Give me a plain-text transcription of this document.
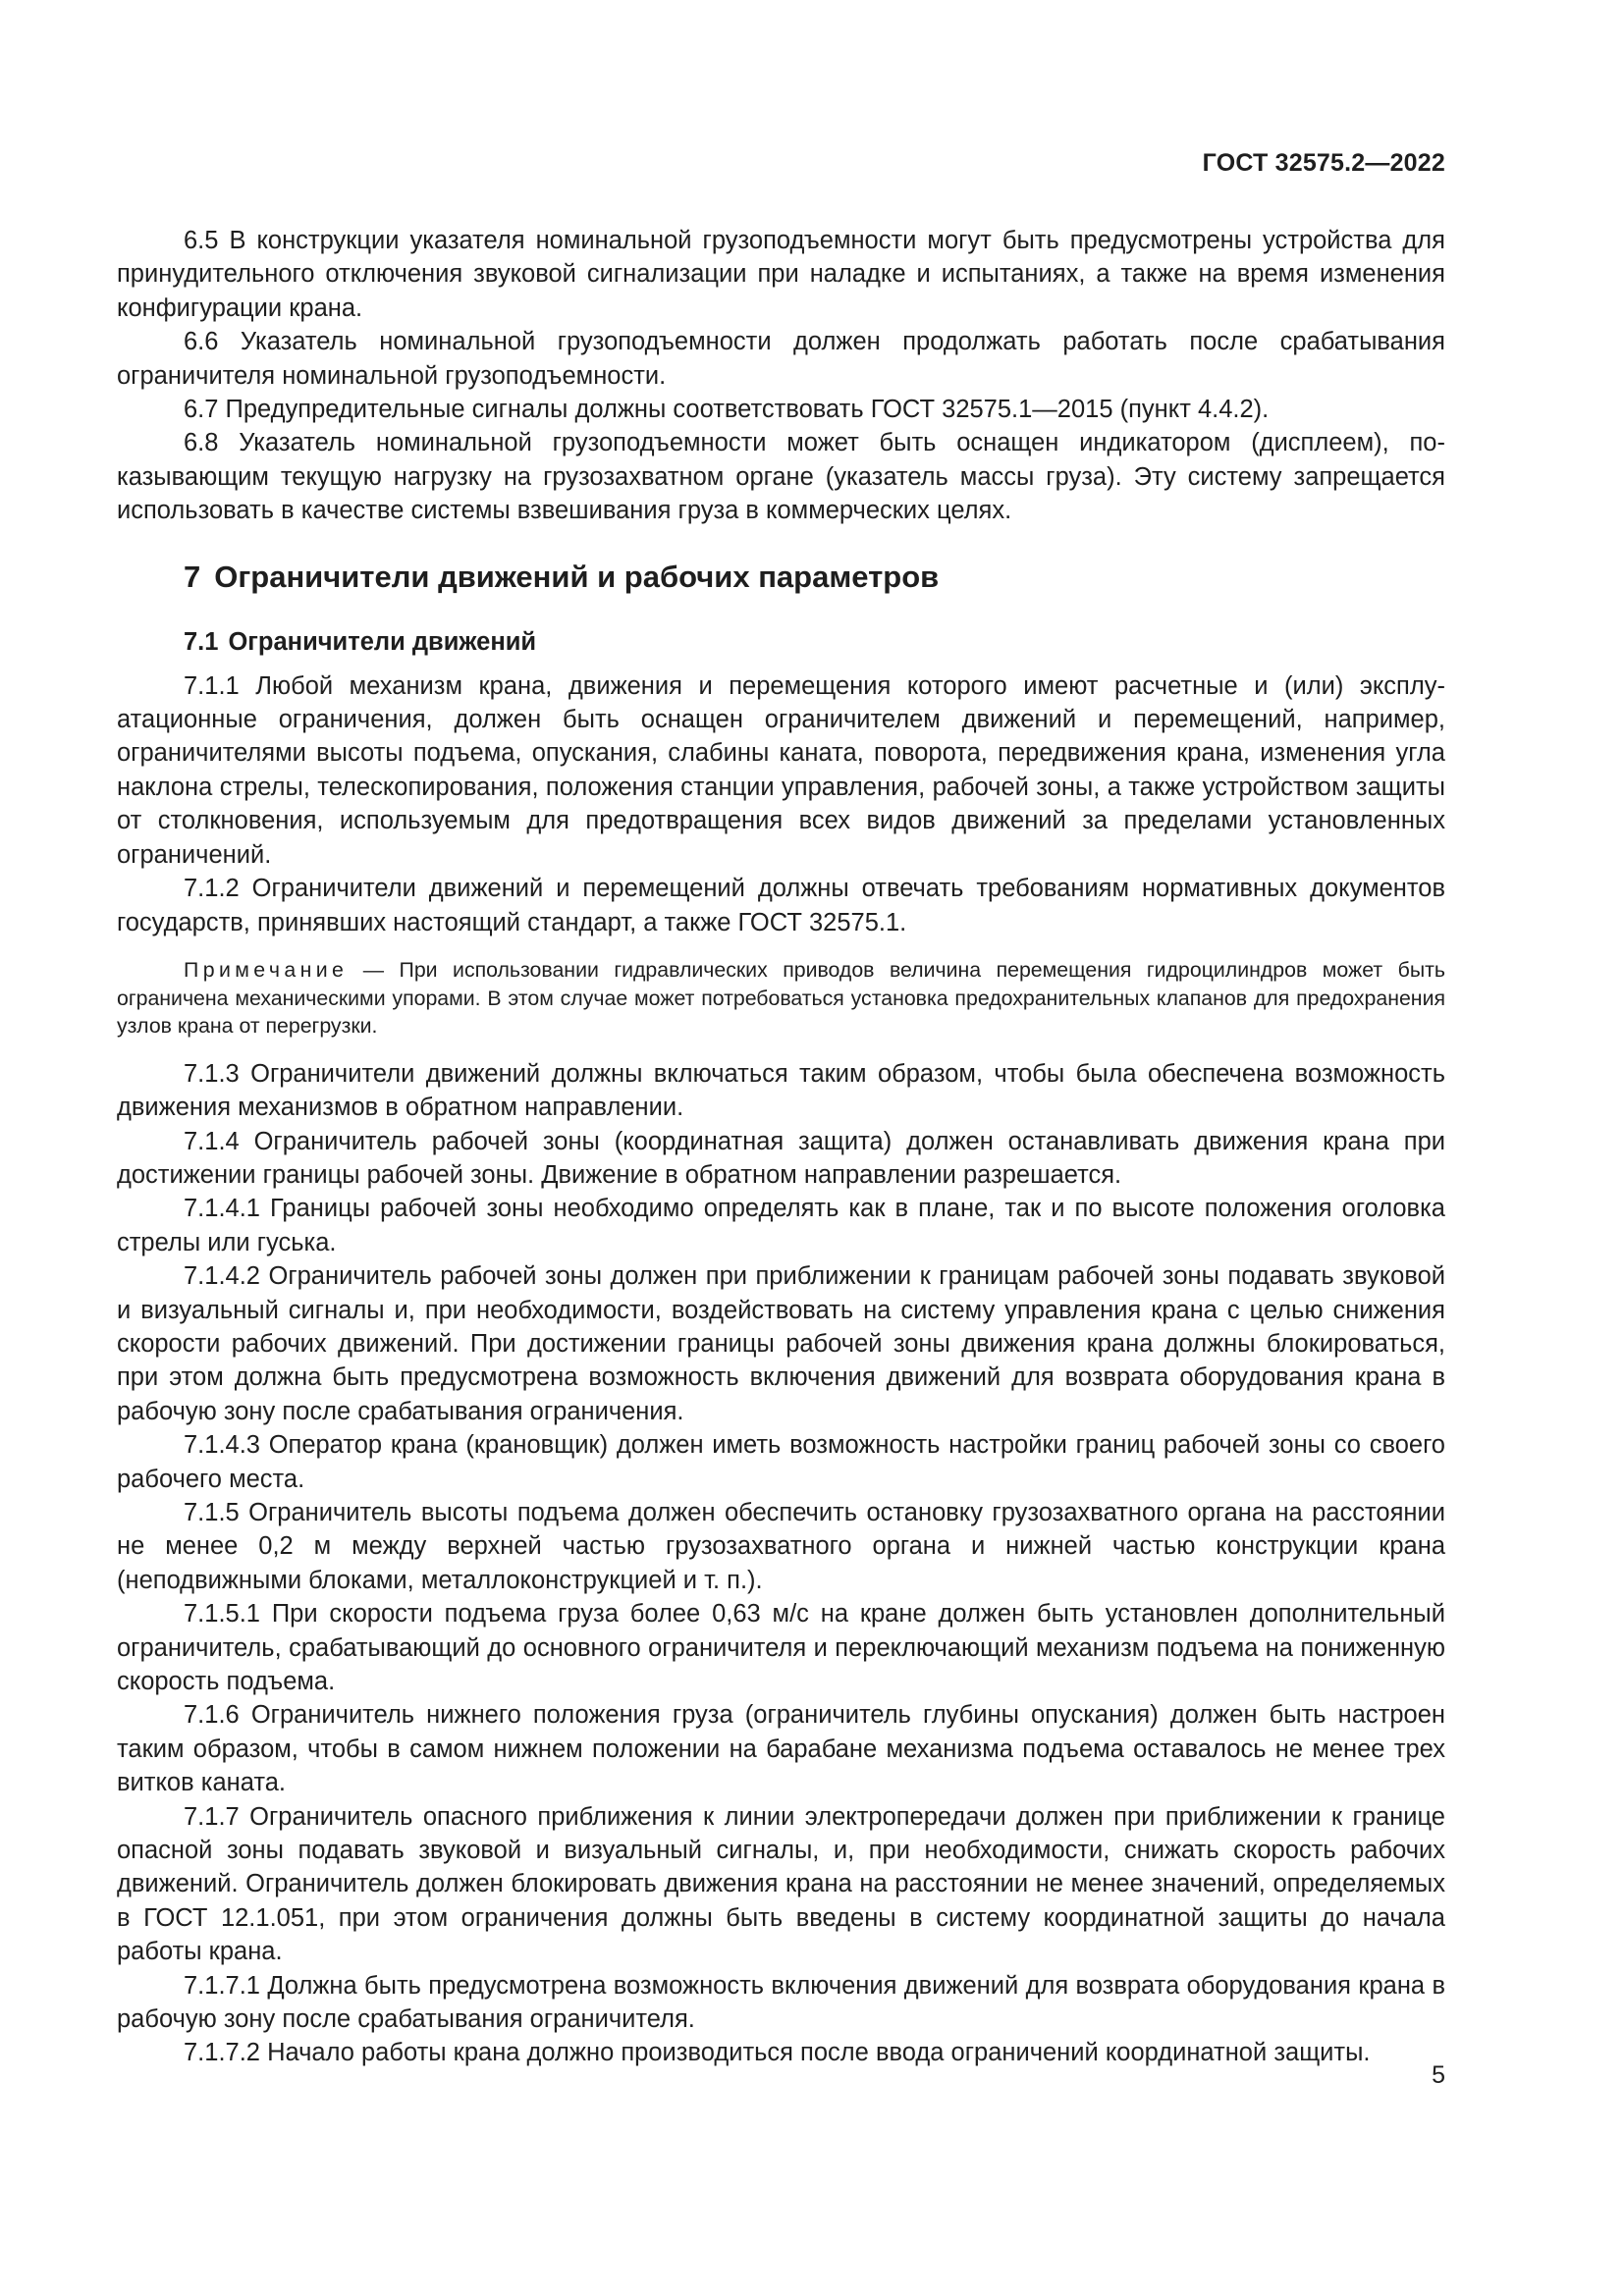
ГОСТ 32575.2—2022

6.5 В конструкции указателя номинальной грузоподъемности могут быть предусмотрены устройства для принудительного отключения звуковой сигнализации при наладке и испытаниях, а также на время изменения конфигурации крана.

6.6 Указатель номинальной грузоподъемности должен продолжать работать после срабатывания ограничителя номинальной грузоподъемности.

6.7 Предупредительные сигналы должны соответствовать ГОСТ 32575.1—2015 (пункт 4.4.2).

6.8 Указатель номинальной грузоподъемности может быть оснащен индикатором (дисплеем), показывающим текущую нагрузку на грузозахватном органе (указатель массы груза). Эту систему запрещается использовать в качестве системы взвешивания груза в коммерческих целях.

7 Ограничители движений и рабочих параметров
7.1 Ограничители движений

7.1.1 Любой механизм крана, движения и перемещения которого имеют расчетные и (или) эксплуатационные ограничения, должен быть оснащен ограничителем движений и перемещений, например, ограничителями высоты подъема, опускания, слабины каната, поворота, передвижения крана, изменения угла наклона стрелы, телескопирования, положения станции управления, рабочей зоны, а также устройством защиты от столкновения, используемым для предотвращения всех видов движений за пределами установленных ограничений.

7.1.2 Ограничители движений и перемещений должны отвечать требованиям нормативных документов государств, принявших настоящий стандарт, а также ГОСТ 32575.1.

Примечание — При использовании гидравлических приводов величина перемещения гидроцилиндров может быть ограничена механическими упорами. В этом случае может потребоваться установка предохранительных клапанов для предохранения узлов крана от перегрузки.

7.1.3 Ограничители движений должны включаться таким образом, чтобы была обеспечена возможность движения механизмов в обратном направлении.

7.1.4 Ограничитель рабочей зоны (координатная защита) должен останавливать движения крана при достижении границы рабочей зоны. Движение в обратном направлении разрешается.

7.1.4.1 Границы рабочей зоны необходимо определять как в плане, так и по высоте положения оголовка стрелы или гуська.

7.1.4.2 Ограничитель рабочей зоны должен при приближении к границам рабочей зоны подавать звуковой и визуальный сигналы и, при необходимости, воздействовать на систему управления крана с целью снижения скорости рабочих движений. При достижении границы рабочей зоны движения крана должны блокироваться, при этом должна быть предусмотрена возможность включения движений для возврата оборудования крана в рабочую зону после срабатывания ограничения.

7.1.4.3 Оператор крана (крановщик) должен иметь возможность настройки границ рабочей зоны со своего рабочего места.

7.1.5 Ограничитель высоты подъема должен обеспечить остановку грузозахватного органа на расстоянии не менее 0,2 м между верхней частью грузозахватного органа и нижней частью конструкции крана (неподвижными блоками, металлоконструкцией и т. п.).

7.1.5.1 При скорости подъема груза более 0,63 м/с на кране должен быть установлен дополнительный ограничитель, срабатывающий до основного ограничителя и переключающий механизм подъема на пониженную скорость подъема.

7.1.6 Ограничитель нижнего положения груза (ограничитель глубины опускания) должен быть настроен таким образом, чтобы в самом нижнем положении на барабане механизма подъема оставалось не менее трех витков каната.

7.1.7 Ограничитель опасного приближения к линии электропередачи должен при приближении к границе опасной зоны подавать звуковой и визуальный сигналы, и, при необходимости, снижать скорость рабочих движений. Ограничитель должен блокировать движения крана на расстоянии не менее значений, определяемых в ГОСТ 12.1.051, при этом ограничения должны быть введены в систему координатной защиты до начала работы крана.

7.1.7.1 Должна быть предусмотрена возможность включения движений для возврата оборудования крана в рабочую зону после срабатывания ограничителя.

7.1.7.2 Начало работы крана должно производиться после ввода ограничений координатной защиты.

5
